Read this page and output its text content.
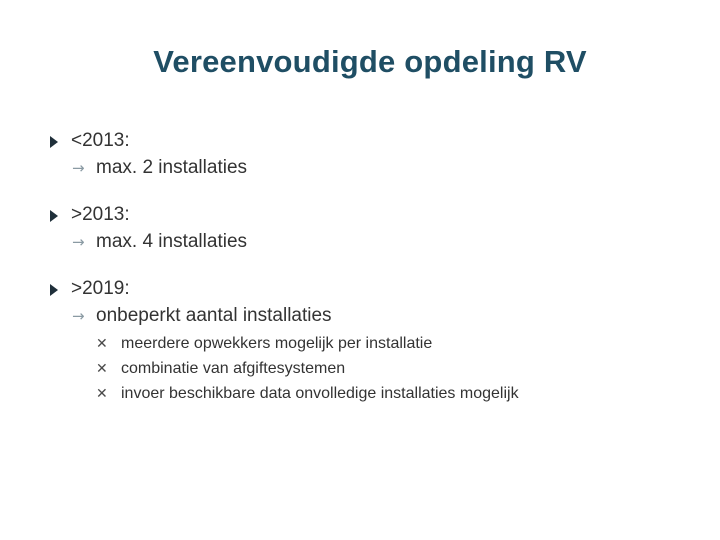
Vereenvoudigde opdeling RV
<2013:
→ max. 2 installaties
>2013:
→ max. 4 installaties
>2019:
→ onbeperkt aantal installaties
✕ meerdere opwekkers mogelijk per installatie
✕ combinatie van afgiftesystemen
✕ invoer beschikbare data onvolledige installaties mogelijk
